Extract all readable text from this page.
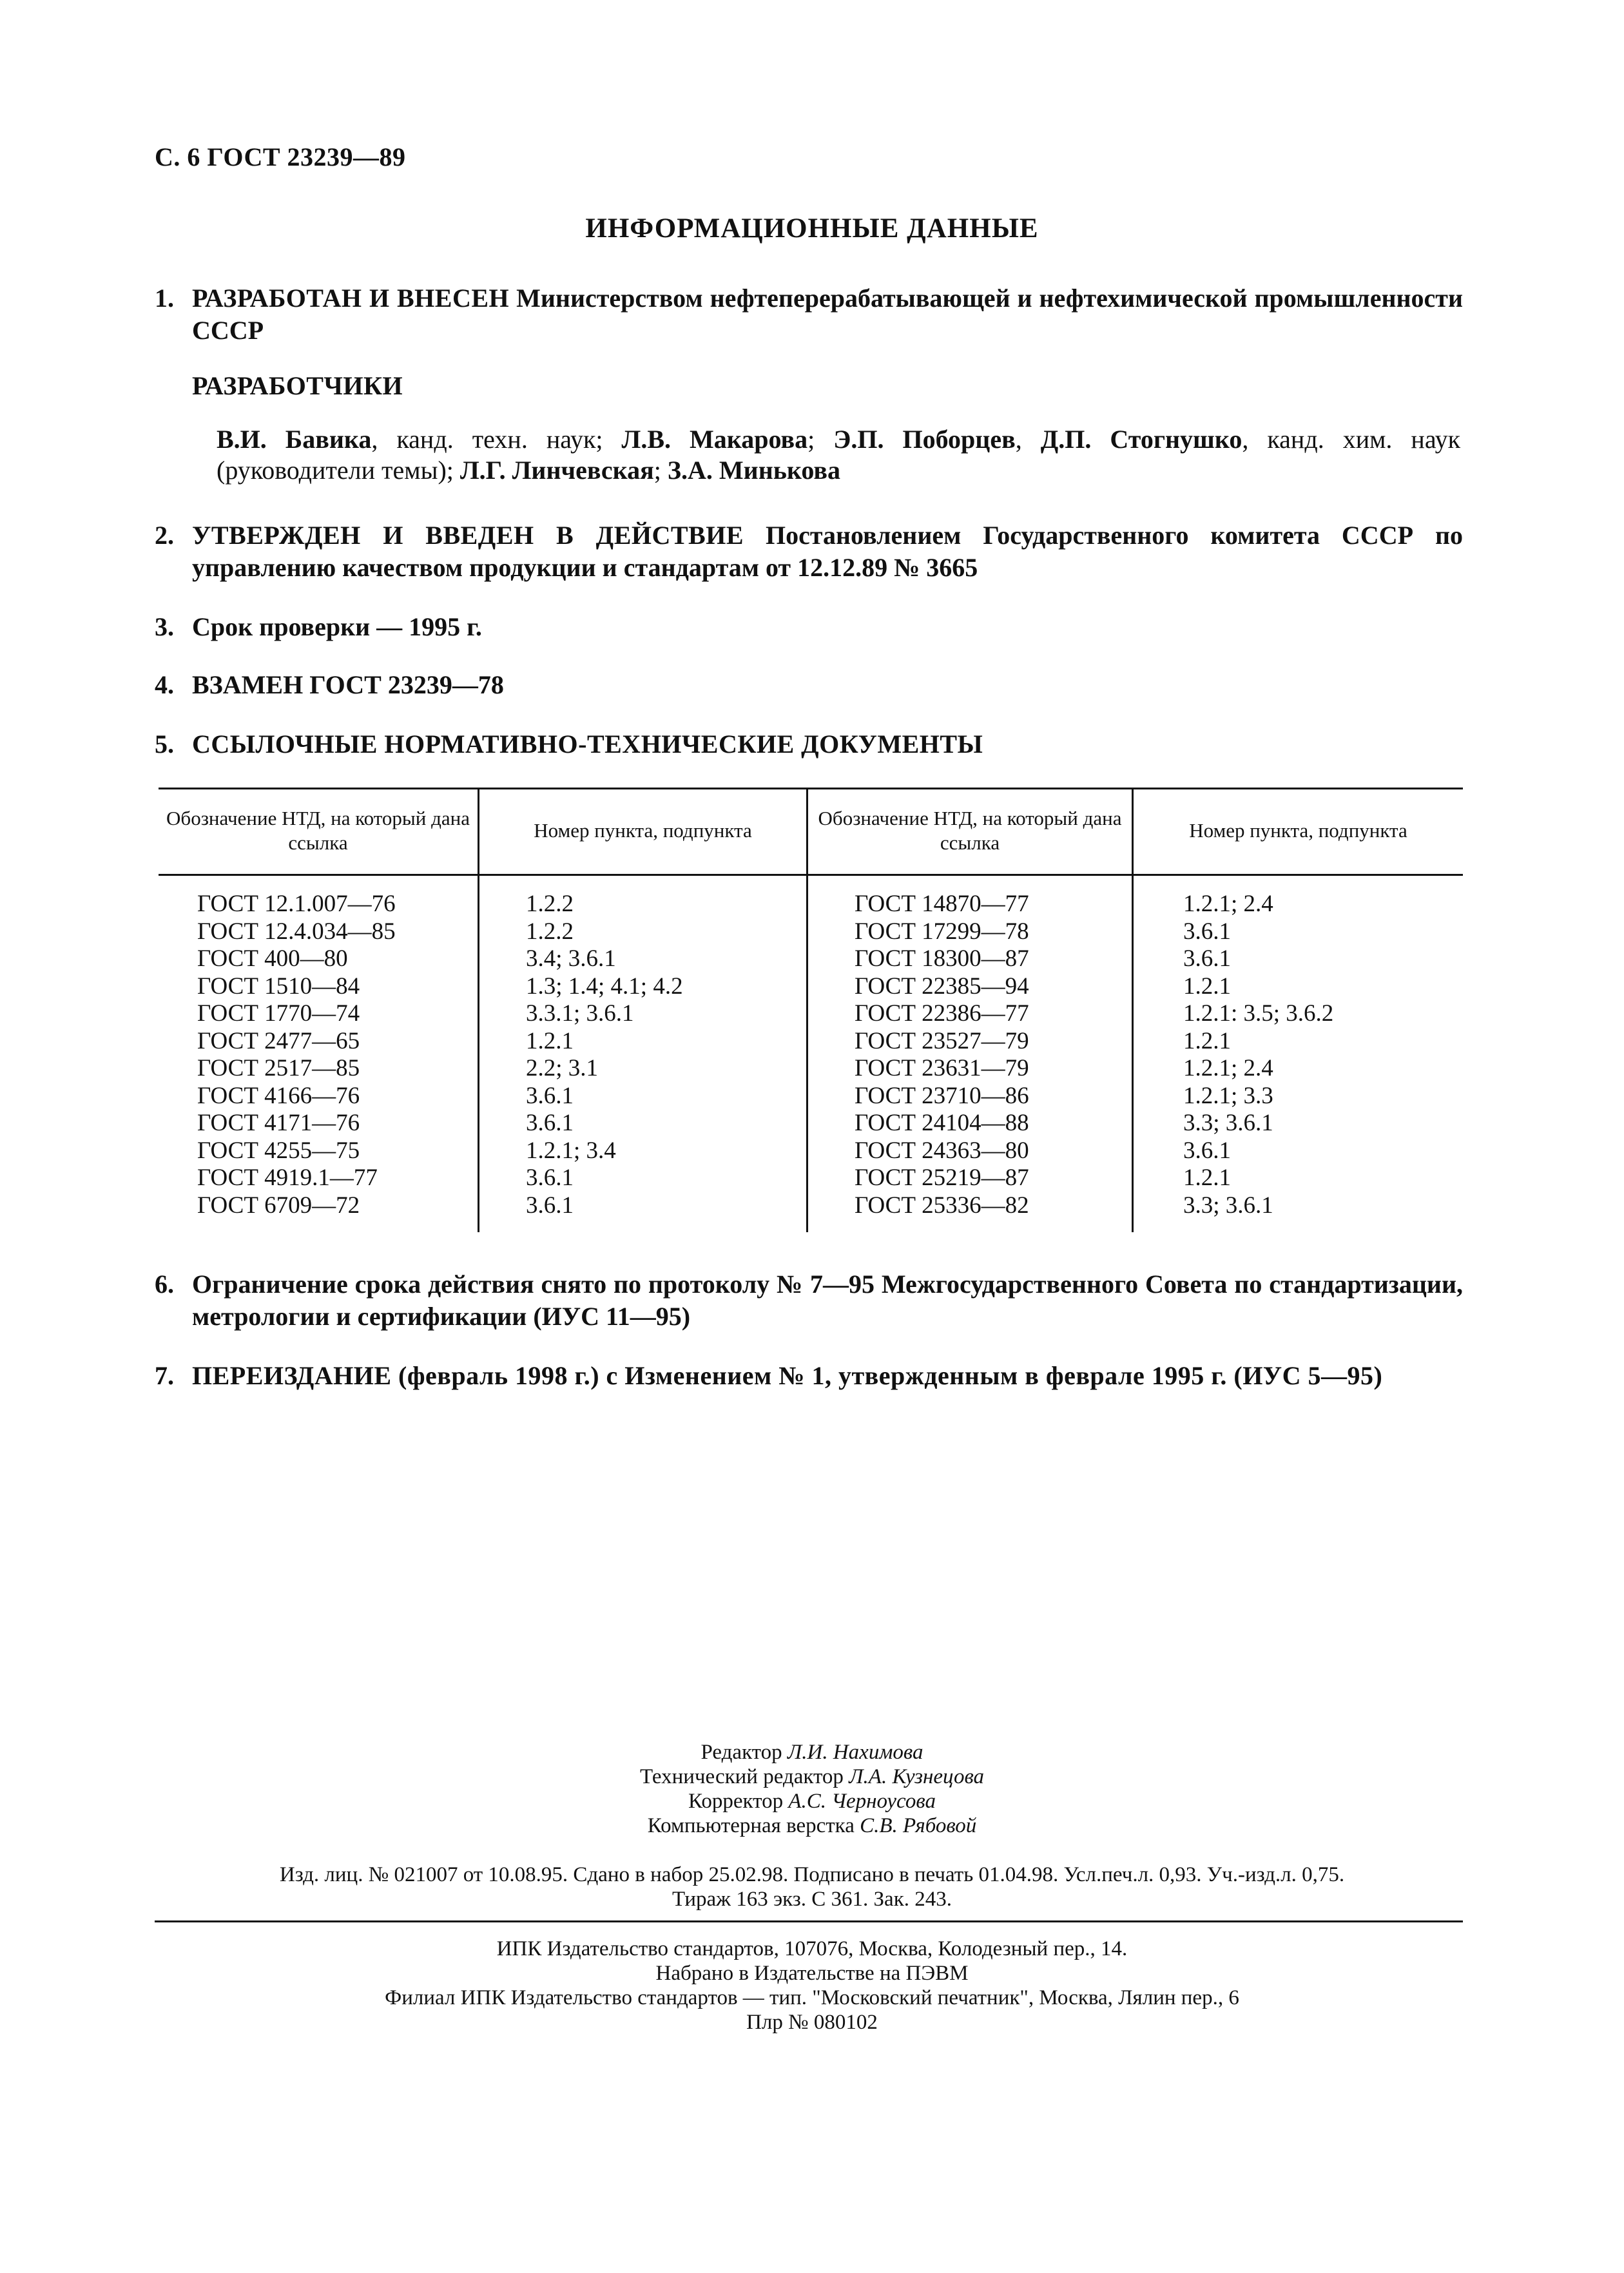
С. 6 ГОСТ 23239—89
ИНФОРМАЦИОННЫЕ ДАННЫЕ
1. РАЗРАБОТАН И ВНЕСЕН Министерством нефтеперерабатывающей и нефтехимической промышленности СССР
РАЗРАБОТЧИКИ
В.И. Бавика, канд. техн. наук; Л.В. Макарова; Э.П. Поборцев, Д.П. Стогнушко, канд. хим. наук (руководители темы); Л.Г. Линчевская; З.А. Минькова
2. УТВЕРЖДЕН И ВВЕДЕН В ДЕЙСТВИЕ Постановлением Государственного комитета СССР по управлению качеством продукции и стандартам от 12.12.89 № 3665
3. Срок проверки — 1995 г.
4. ВЗАМЕН ГОСТ 23239—78
5. ССЫЛОЧНЫЕ НОРМАТИВНО-ТЕХНИЧЕСКИЕ ДОКУМЕНТЫ
Обозначение НТД, на который дана ссылка
Номер пункта, подпункта
Обозначение НТД, на который дана ссылка
Номер пункта, подпункта
ГОСТ 12.1.007—76
ГОСТ 12.4.034—85
ГОСТ 400—80
ГОСТ 1510—84
ГОСТ 1770—74
ГОСТ 2477—65
ГОСТ 2517—85
ГОСТ 4166—76
ГОСТ 4171—76
ГОСТ 4255—75
ГОСТ 4919.1—77
ГОСТ 6709—72
1.2.2
1.2.2
3.4; 3.6.1
1.3; 1.4; 4.1; 4.2
3.3.1; 3.6.1
1.2.1
2.2; 3.1
3.6.1
3.6.1
1.2.1; 3.4
3.6.1
3.6.1
ГОСТ 14870—77
ГОСТ 17299—78
ГОСТ 18300—87
ГОСТ 22385—94
ГОСТ 22386—77
ГОСТ 23527—79
ГОСТ 23631—79
ГОСТ 23710—86
ГОСТ 24104—88
ГОСТ 24363—80
ГОСТ 25219—87
ГОСТ 25336—82
1.2.1; 2.4
3.6.1
3.6.1
1.2.1
1.2.1: 3.5; 3.6.2
1.2.1
1.2.1; 2.4
1.2.1; 3.3
3.3; 3.6.1
3.6.1
1.2.1
3.3; 3.6.1
6. Ограничение срока действия снято по протоколу № 7—95 Межгосударственного Совета по стандартизации, метрологии и сертификации (ИУС 11—95)
7. ПЕРЕИЗДАНИЕ (февраль 1998 г.) с Изменением № 1, утвержденным в феврале 1995 г. (ИУС 5—95)
Редактор Л.И. Нахимова
Технический редактор Л.А. Кузнецова
Корректор А.С. Черноусова
Компьютерная верстка С.В. Рябовой
Изд. лиц. № 021007 от 10.08.95. Сдано в набор 25.02.98. Подписано в печать 01.04.98. Усл.печ.л. 0,93. Уч.-изд.л. 0,75.
Тираж 163 экз. С 361. Зак. 243.
ИПК Издательство стандартов, 107076, Москва, Колодезный пер., 14.
Набрано в Издательстве на ПЭВМ
Филиал ИПК Издательство стандартов — тип. "Московский печатник", Москва, Лялин пер., 6
Плр № 080102
